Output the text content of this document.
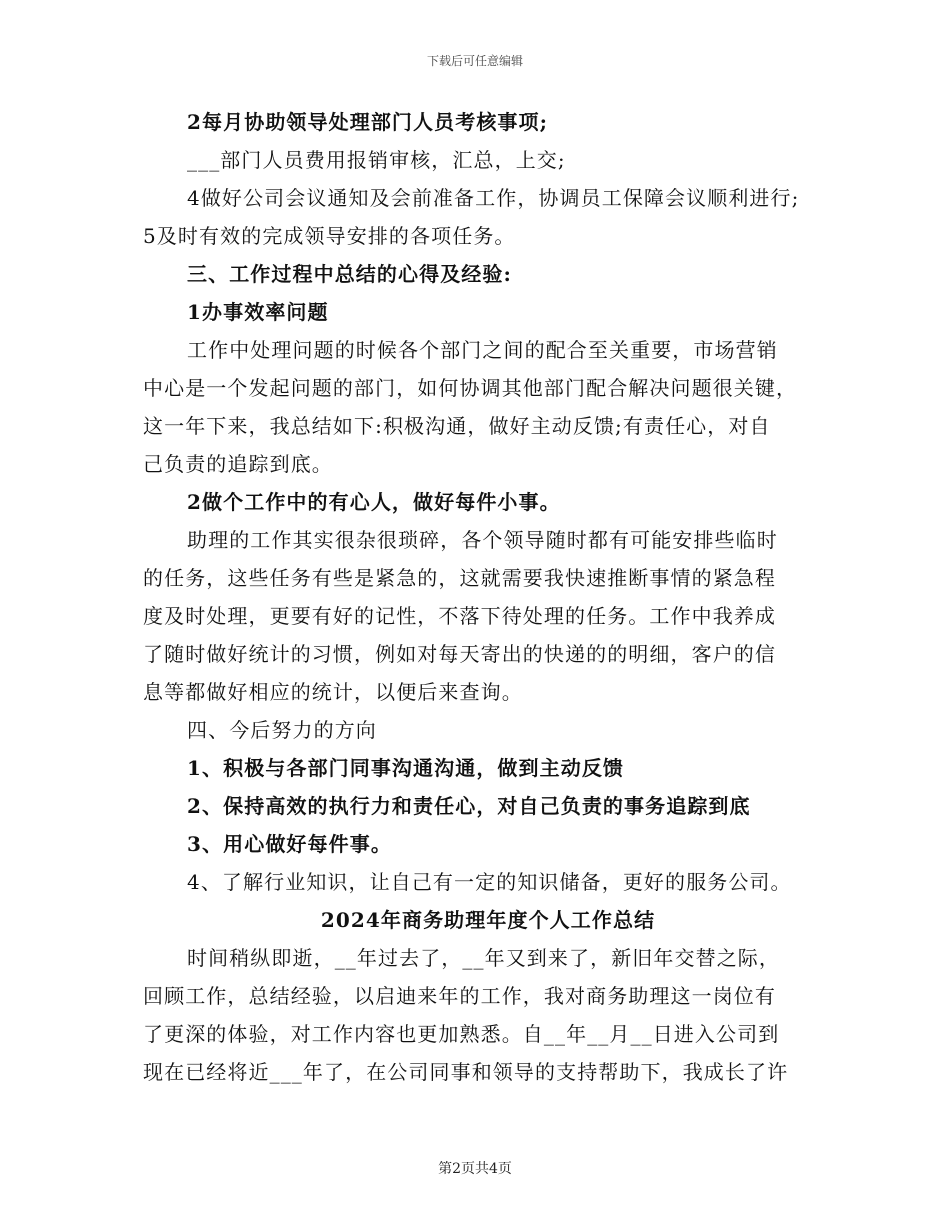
下载后可任意编辑
2每月协助领导处理部门人员考核事项;
___部门人员费用报销审核，汇总，上交;
4做好公司会议通知及会前准备工作，协调员工保障会议顺利进行;
5及时有效的完成领导安排的各项任务。
三、工作过程中总结的心得及经验:
1办事效率问题
工作中处理问题的时候各个部门之间的配合至关重要，市场营销
中心是一个发起问题的部门，如何协调其他部门配合解决问题很关键，
这一年下来，我总结如下:积极沟通，做好主动反馈;有责任心，对自
己负责的追踪到底。
2做个工作中的有心人，做好每件小事。
助理的工作其实很杂很琐碎，各个领导随时都有可能安排些临时
的任务，这些任务有些是紧急的，这就需要我快速推断事情的紧急程
度及时处理，更要有好的记性，不落下待处理的任务。工作中我养成
了随时做好统计的习惯，例如对每天寄出的快递的的明细，客户的信
息等都做好相应的统计，以便后来查询。
四、今后努力的方向
1、积极与各部门同事沟通沟通，做到主动反馈
2、保持高效的执行力和责任心，对自己负责的事务追踪到底
3、用心做好每件事。
4、了解行业知识，让自己有一定的知识储备，更好的服务公司。
2024年商务助理年度个人工作总结
时间稍纵即逝，__年过去了，__年又到来了，新旧年交替之际，
回顾工作，总结经验，以启迪来年的工作，我对商务助理这一岗位有
了更深的体验，对工作内容也更加熟悉。自__年__月__日进入公司到
现在已经将近___年了，在公司同事和领导的支持帮助下，我成长了许
第2页共4页
